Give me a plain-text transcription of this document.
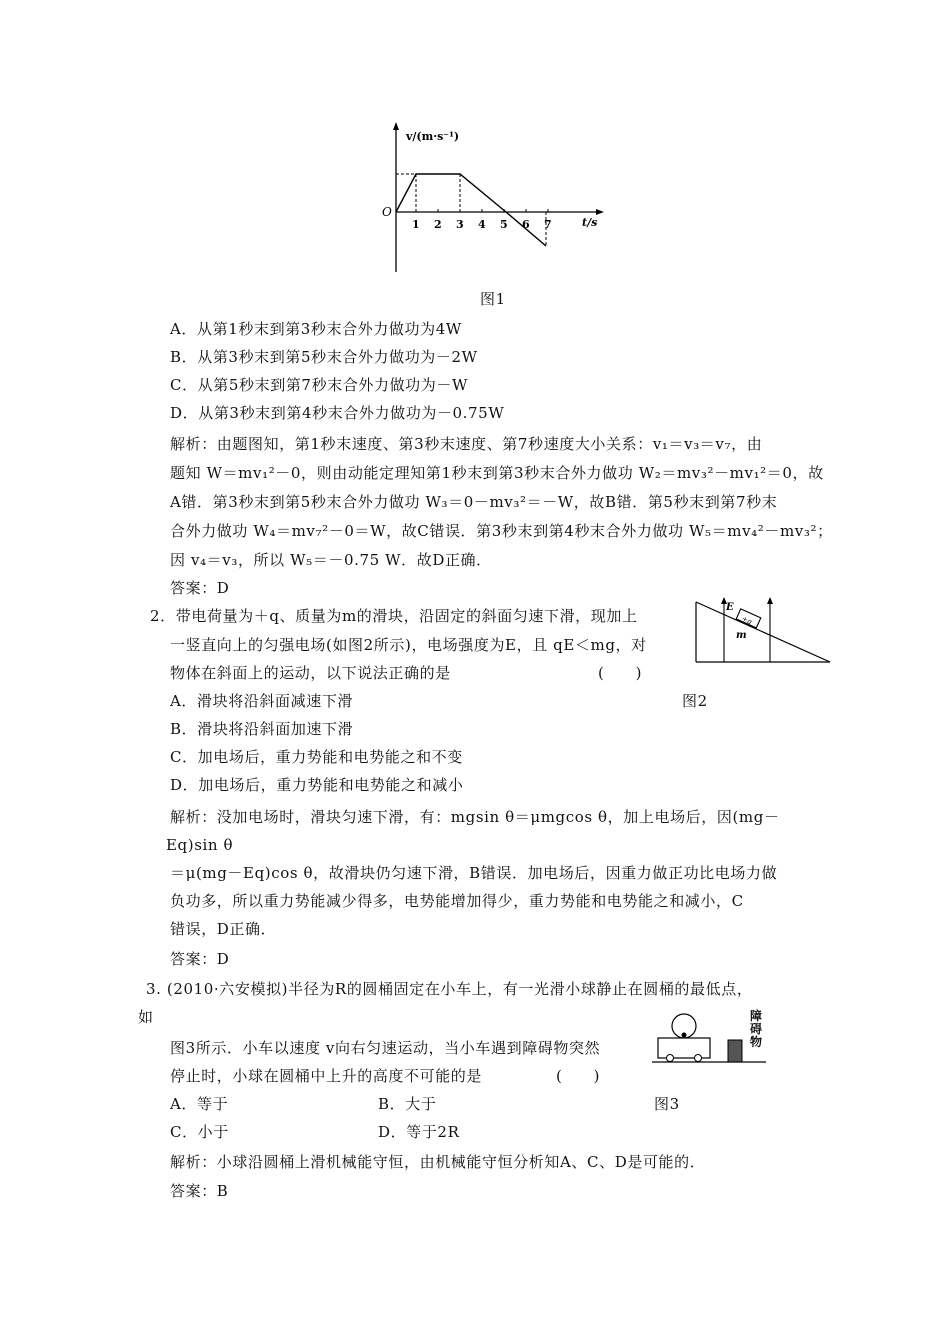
v/(m·s⁻¹)
t/s
O
1 2 3 4 5 6 7
图1
A．从第1秒末到第3秒末合外力做功为4W
B．从第3秒末到第5秒末合外力做功为－2W
C．从第5秒末到第7秒末合外力做功为－W
D．从第3秒末到第4秒末合外力做功为－0.75W
解析：由题图知，第1秒末速度、第3秒末速度、第7秒速度大小关系：v₁＝v₃＝v₇，由
题知 W＝mv₁²－0，则由动能定理知第1秒末到第3秒末合外力做功 W₂＝mv₃²－mv₁²＝0，故
A错．第3秒末到第5秒末合外力做功 W₃＝0－mv₃²＝－W，故B错．第5秒末到第7秒末
合外力做功 W₄＝mv₇²－0＝W，故C错误．第3秒末到第4秒末合外力做功 W₅＝mv₄²－mv₃²；
因 v₄＝v₃，所以 W₅＝－0.75 W．故D正确．
答案：D
2．带电荷量为＋q、质量为m的滑块，沿固定的斜面匀速下滑，现加上
一竖直向上的匀强电场(如图2所示)，电场强度为E，且 qE＜mg，对
物体在斜面上的运动，以下说法正确的是	(　　)
E
+q
m
图2
A．滑块将沿斜面减速下滑
B．滑块将沿斜面加速下滑
C．加电场后，重力势能和电势能之和不变
D．加电场后，重力势能和电势能之和减小
解析：没加电场时，滑块匀速下滑，有：mgsin θ＝μmgcos θ，加上电场后，因(mg－
Eq)sin θ
＝μ(mg－Eq)cos θ，故滑块仍匀速下滑，B错误．加电场后，因重力做正功比电场力做
负功多，所以重力势能减少得多，电势能增加得少，重力势能和电势能之和减小，C
错误，D正确．
答案：D
3. (2010·六安模拟)半径为R的圆桶固定在小车上，有一光滑小球静止在圆桶的最低点，
如
图3所示．小车以速度 v向右匀速运动，当小车遇到障碍物突然
停止时，小球在圆桶中上升的高度不可能的是	(　　)
障碍物
A．等于	B．大于	图3
C．小于	D．等于2R
解析：小球沿圆桶上滑机械能守恒，由机械能守恒分析知A、C、D是可能的．
答案：B
